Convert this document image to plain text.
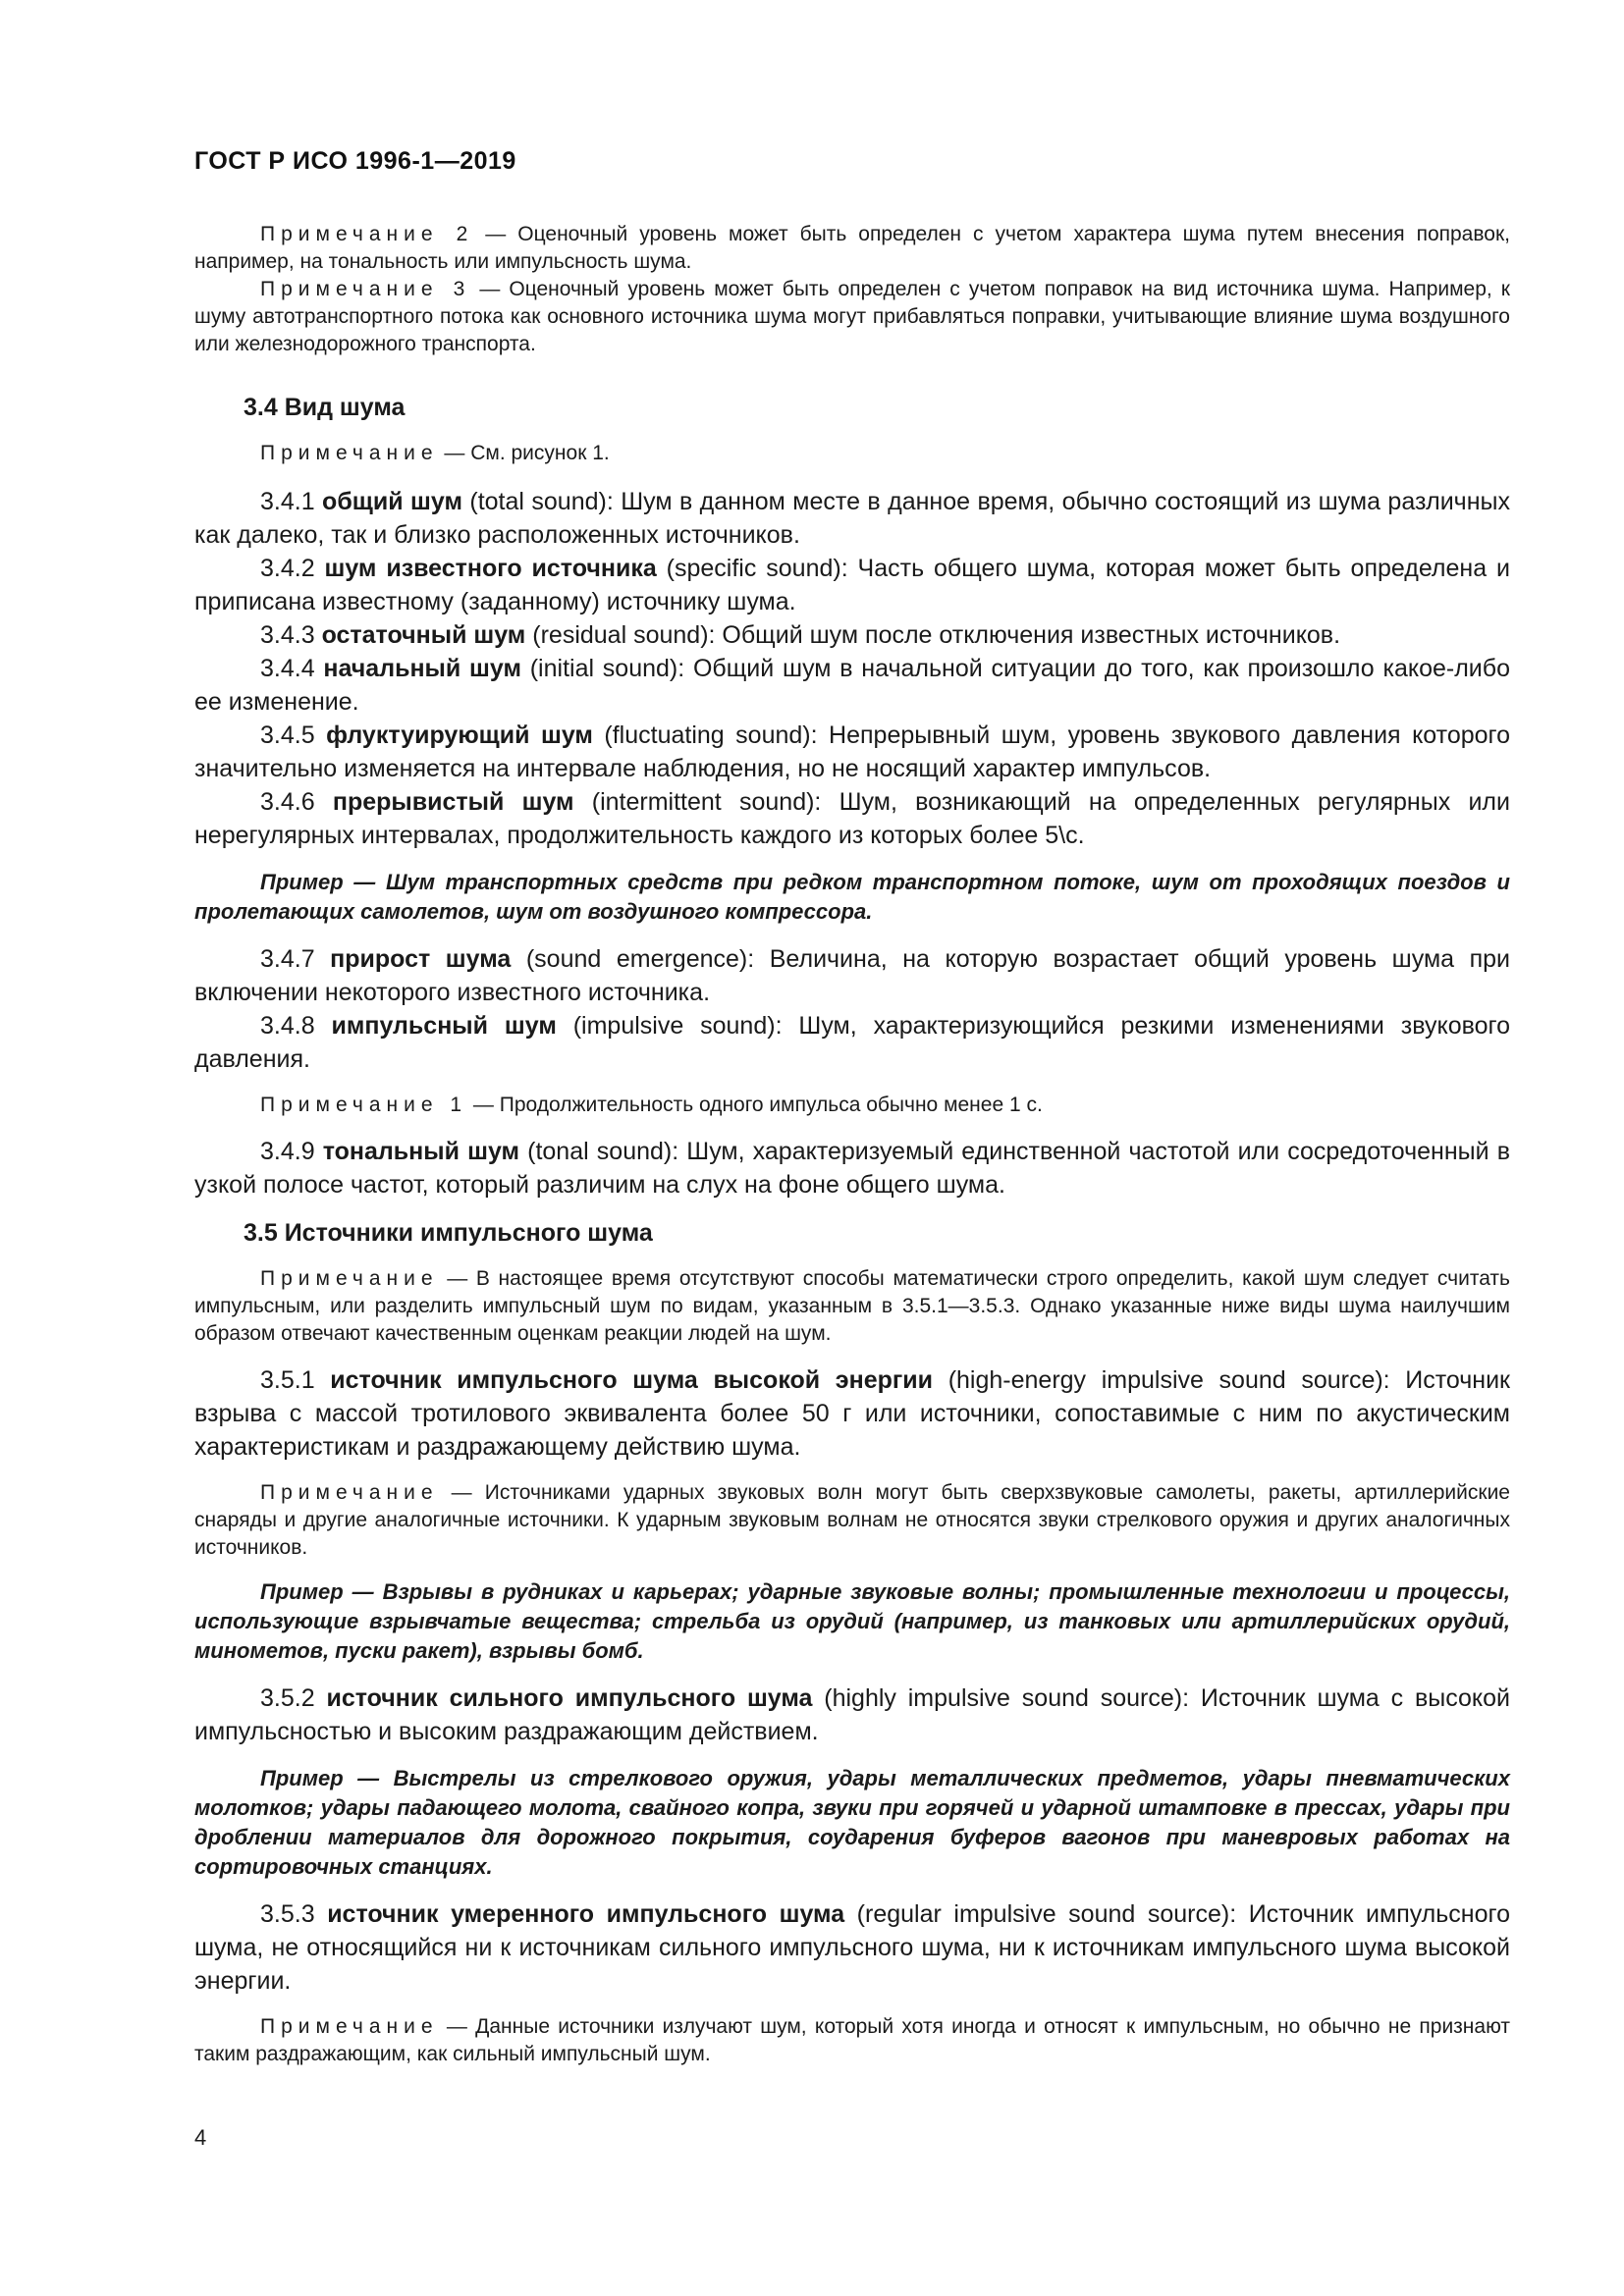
ГОСТ Р ИСО 1996-1—2019

Примечание 2 — Оценочный уровень может быть определен с учетом характера шума путем внесения поправок, например, на тональность или импульсность шума.

Примечание 3 — Оценочный уровень может быть определен с учетом поправок на вид источника шума. Например, к шуму автотранспортного потока как основного источника шума могут прибавляться поправки, учитывающие влияние шума воздушного или железнодорожного транспорта.

3.4 Вид шума

Примечание — См. рисунок 1.

3.4.1 общий шум (total sound): Шум в данном месте в данное время, обычно состоящий из шума различных как далеко, так и близко расположенных источников.

3.4.2 шум известного источника (specific sound): Часть общего шума, которая может быть определена и приписана известному (заданному) источнику шума.

3.4.3 остаточный шум (residual sound): Общий шум после отключения известных источников.

3.4.4 начальный шум (initial sound): Общий шум в начальной ситуации до того, как произошло какое-либо ее изменение.

3.4.5 флуктуирующий шум (fluctuating sound): Непрерывный шум, уровень звукового давления которого значительно изменяется на интервале наблюдения, но не носящий характер импульсов.

3.4.6 прерывистый шум (intermittent sound): Шум, возникающий на определенных регулярных или нерегулярных интервалах, продолжительность каждого из которых более 5\с.

Пример — Шум транспортных средств при редком транспортном потоке, шум от проходящих поездов и пролетающих самолетов, шум от воздушного компрессора.

3.4.7 прирост шума (sound emergence): Величина, на которую возрастает общий уровень шума при включении некоторого известного источника.

3.4.8 импульсный шум (impulsive sound): Шум, характеризующийся резкими изменениями звукового давления.

Примечание 1 — Продолжительность одного импульса обычно менее 1 с.

3.4.9 тональный шум (tonal sound): Шум, характеризуемый единственной частотой или сосредоточенный в узкой полосе частот, который различим на слух на фоне общего шума.

3.5 Источники импульсного шума

Примечание — В настоящее время отсутствуют способы математически строго определить, какой шум следует считать импульсным, или разделить импульсный шум по видам, указанным в 3.5.1—3.5.3. Однако указанные ниже виды шума наилучшим образом отвечают качественным оценкам реакции людей на шум.

3.5.1 источник импульсного шума высокой энергии (high-energy impulsive sound source): Источник взрыва с массой тротилового эквивалента более 50 г или источники, сопоставимые с ним по акустическим характеристикам и раздражающему действию шума.

Примечание — Источниками ударных звуковых волн могут быть сверхзвуковые самолеты, ракеты, артиллерийские снаряды и другие аналогичные источники. К ударным звуковым волнам не относятся звуки стрелкового оружия и других аналогичных источников.

Пример — Взрывы в рудниках и карьерах; ударные звуковые волны; промышленные технологии и процессы, использующие взрывчатые вещества; стрельба из орудий (например, из танковых или артиллерийских орудий, минометов, пуски ракет), взрывы бомб.

3.5.2 источник сильного импульсного шума (highly impulsive sound source): Источник шума с высокой импульсностью и высоким раздражающим действием.

Пример — Выстрелы из стрелкового оружия, удары металлических предметов, удары пневматических молотков; удары падающего молота, свайного копра, звуки при горячей и ударной штамповке в прессах, удары при дроблении материалов для дорожного покрытия, соударения буферов вагонов при маневровых работах на сортировочных станциях.

3.5.3 источник умеренного импульсного шума (regular impulsive sound source): Источник импульсного шума, не относящийся ни к источникам сильного импульсного шума, ни к источникам импульсного шума высокой энергии.

Примечание — Данные источники излучают шум, который хотя иногда и относят к импульсным, но обычно не признают таким раздражающим, как сильный импульсный шум.

4
